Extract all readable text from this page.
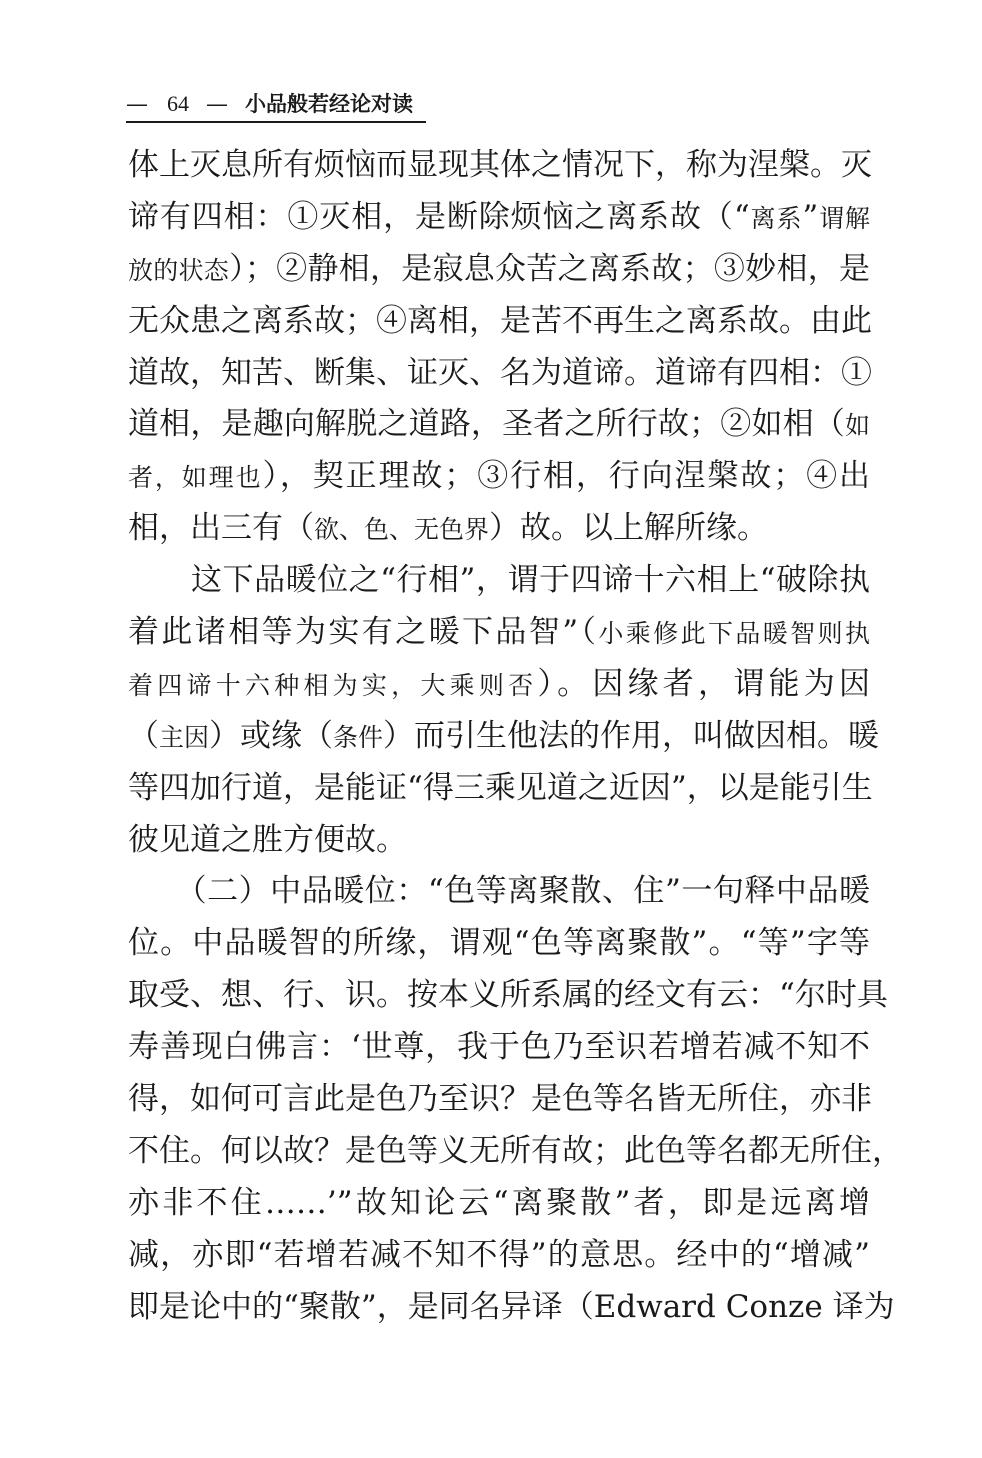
— 64 — 小品般若经论对读
体上灭息所有烦恼而显现其体之情况下，称为涅槃。灭
谛有四相：①灭相，是断除烦恼之离系故（“离系”谓解
放的状态）；②静相，是寂息众苦之离系故；③妙相，是
无众患之离系故；④离相，是苦不再生之离系故。由此
道故，知苦、断集、证灭、名为道谛。道谛有四相：①
道相，是趣向解脱之道路，圣者之所行故；②如相（如
者，如理也），契正理故；③行相，行向涅槃故；④出
相，出三有（欲、色、无色界）故。以上解所缘。
　　这下品暖位之“行相”，谓于四谛十六相上“破除执
着此诸相等为实有之暖下品智”（小乘修此下品暖智则执
着四谛十六种相为实，大乘则否）。因缘者，谓能为因
（主因）或缘（条件）而引生他法的作用，叫做因相。暖
等四加行道，是能证“得三乘见道之近因”，以是能引生
彼见道之胜方便故。
　　（二）中品暖位：“色等离聚散、住”一句释中品暖
位。中品暖智的所缘，谓观“色等离聚散”。“等”字等
取受、想、行、识。按本义所系属的经文有云：“尔时具
寿善现白佛言：‘世尊，我于色乃至识若增若减不知不
得，如何可言此是色乃至识？是色等名皆无所住，亦非
不住。何以故？是色等义无所有故；此色等名都无所住，
亦非不住……’”故知论云“离聚散”者，即是远离增
减，亦即“若增若减不知不得”的意思。经中的“增减”
即是论中的“聚散”，是同名异译（Edward Conze 译为
